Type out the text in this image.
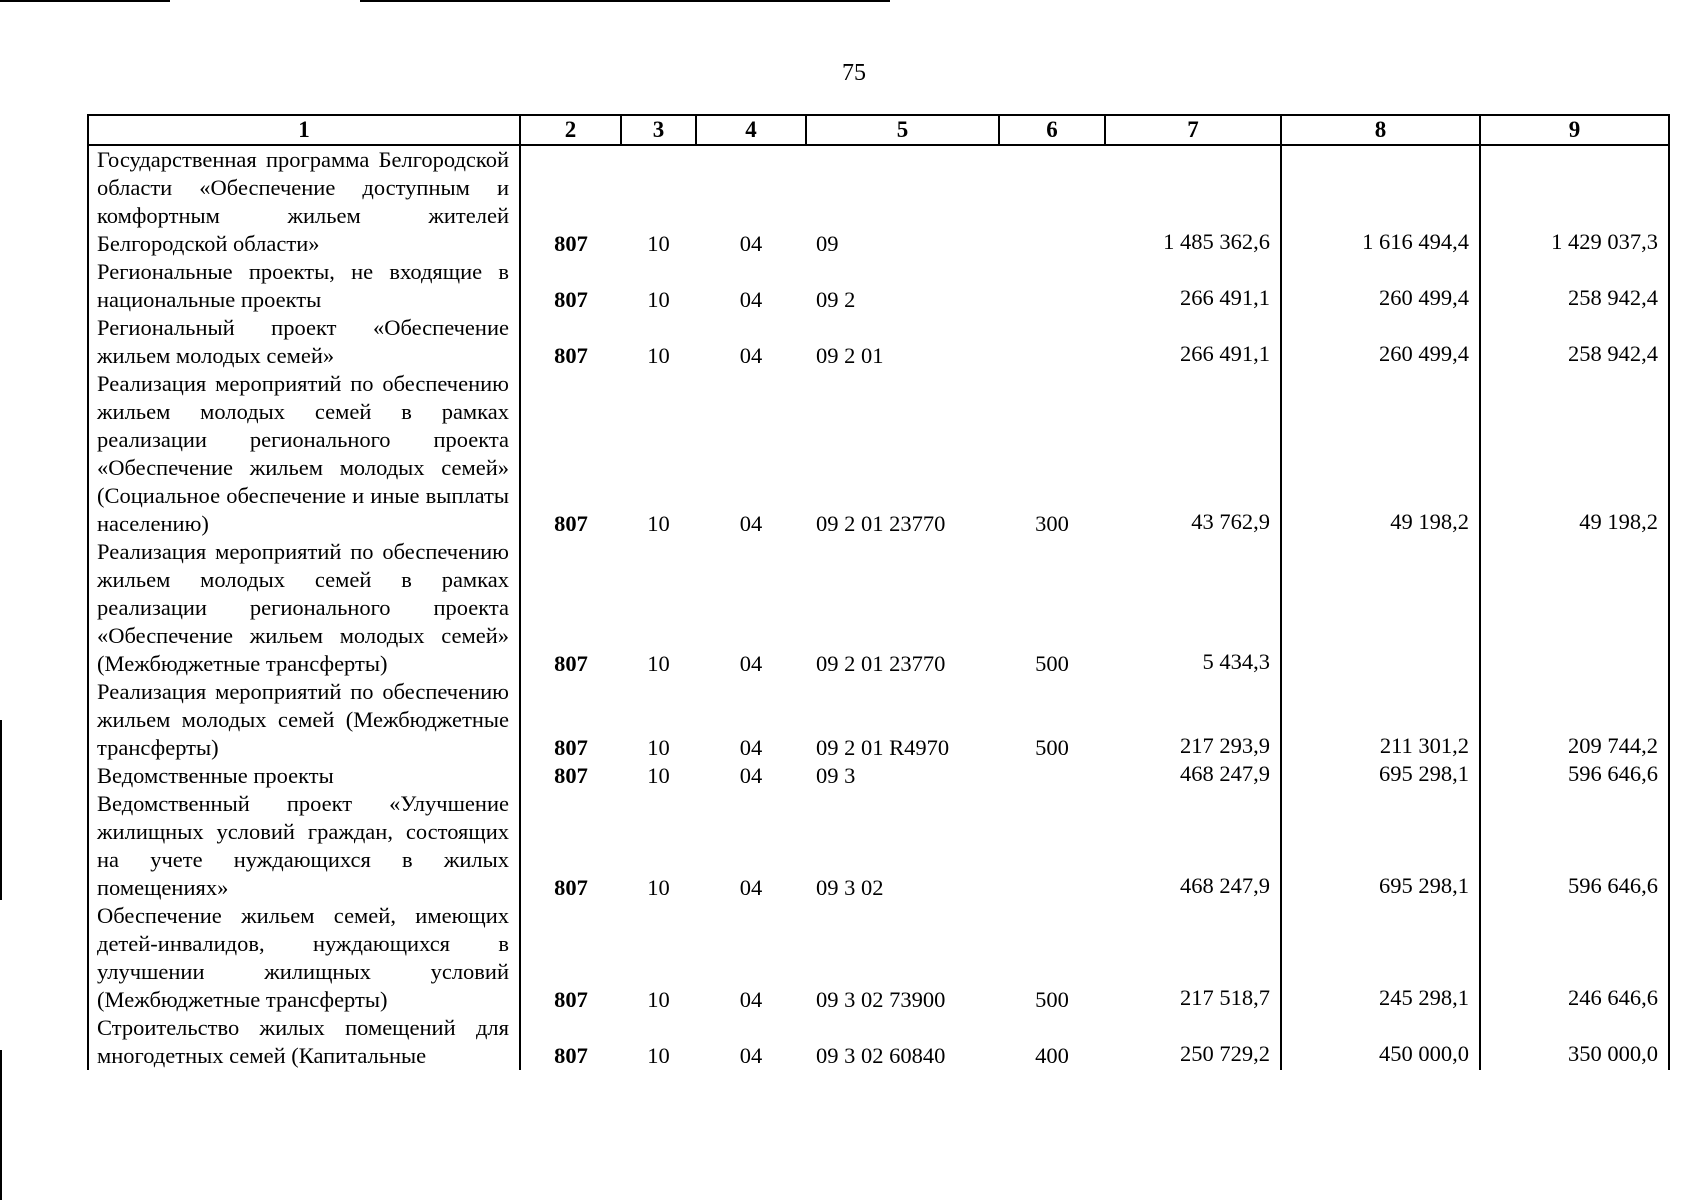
75
1	2	3	4	5	6	7	8	9
Государственная программа Белгородской области «Обеспечение доступным и комфортным жильем жителей Белгородской области»	807	10	04	09		1 485 362,6	1 616 494,4	1 429 037,3
Региональные проекты, не входящие в национальные проекты	807	10	04	09 2		266 491,1	260 499,4	258 942,4
Региональный проект «Обеспечение жильем молодых семей»	807	10	04	09 2 01		266 491,1	260 499,4	258 942,4
Реализация мероприятий по обеспечению жильем молодых семей в рамках реализации регионального проекта «Обеспечение жильем молодых семей» (Социальное обеспечение и иные выплаты населению)	807	10	04	09 2 01 23770	300	43 762,9	49 198,2	49 198,2
Реализация мероприятий по обеспечению жильем молодых семей в рамках реализации регионального проекта «Обеспечение жильем молодых семей» (Межбюджетные трансферты)	807	10	04	09 2 01 23770	500	5 434,3		
Реализация мероприятий по обеспечению жильем молодых семей (Межбюджетные трансферты)	807	10	04	09 2 01 R4970	500	217 293,9	211 301,2	209 744,2
Ведомственные проекты	807	10	04	09 3		468 247,9	695 298,1	596 646,6
Ведомственный проект «Улучшение жилищных условий граждан, состоящих на учете нуждающихся в жилых помещениях»	807	10	04	09 3 02		468 247,9	695 298,1	596 646,6
Обеспечение жильем семей, имеющих детей-инвалидов, нуждающихся в улучшении жилищных условий (Межбюджетные трансферты)	807	10	04	09 3 02 73900	500	217 518,7	245 298,1	246 646,6
Строительство жилых помещений для многодетных семей (Капитальные	807	10	04	09 3 02 60840	400	250 729,2	450 000,0	350 000,0
